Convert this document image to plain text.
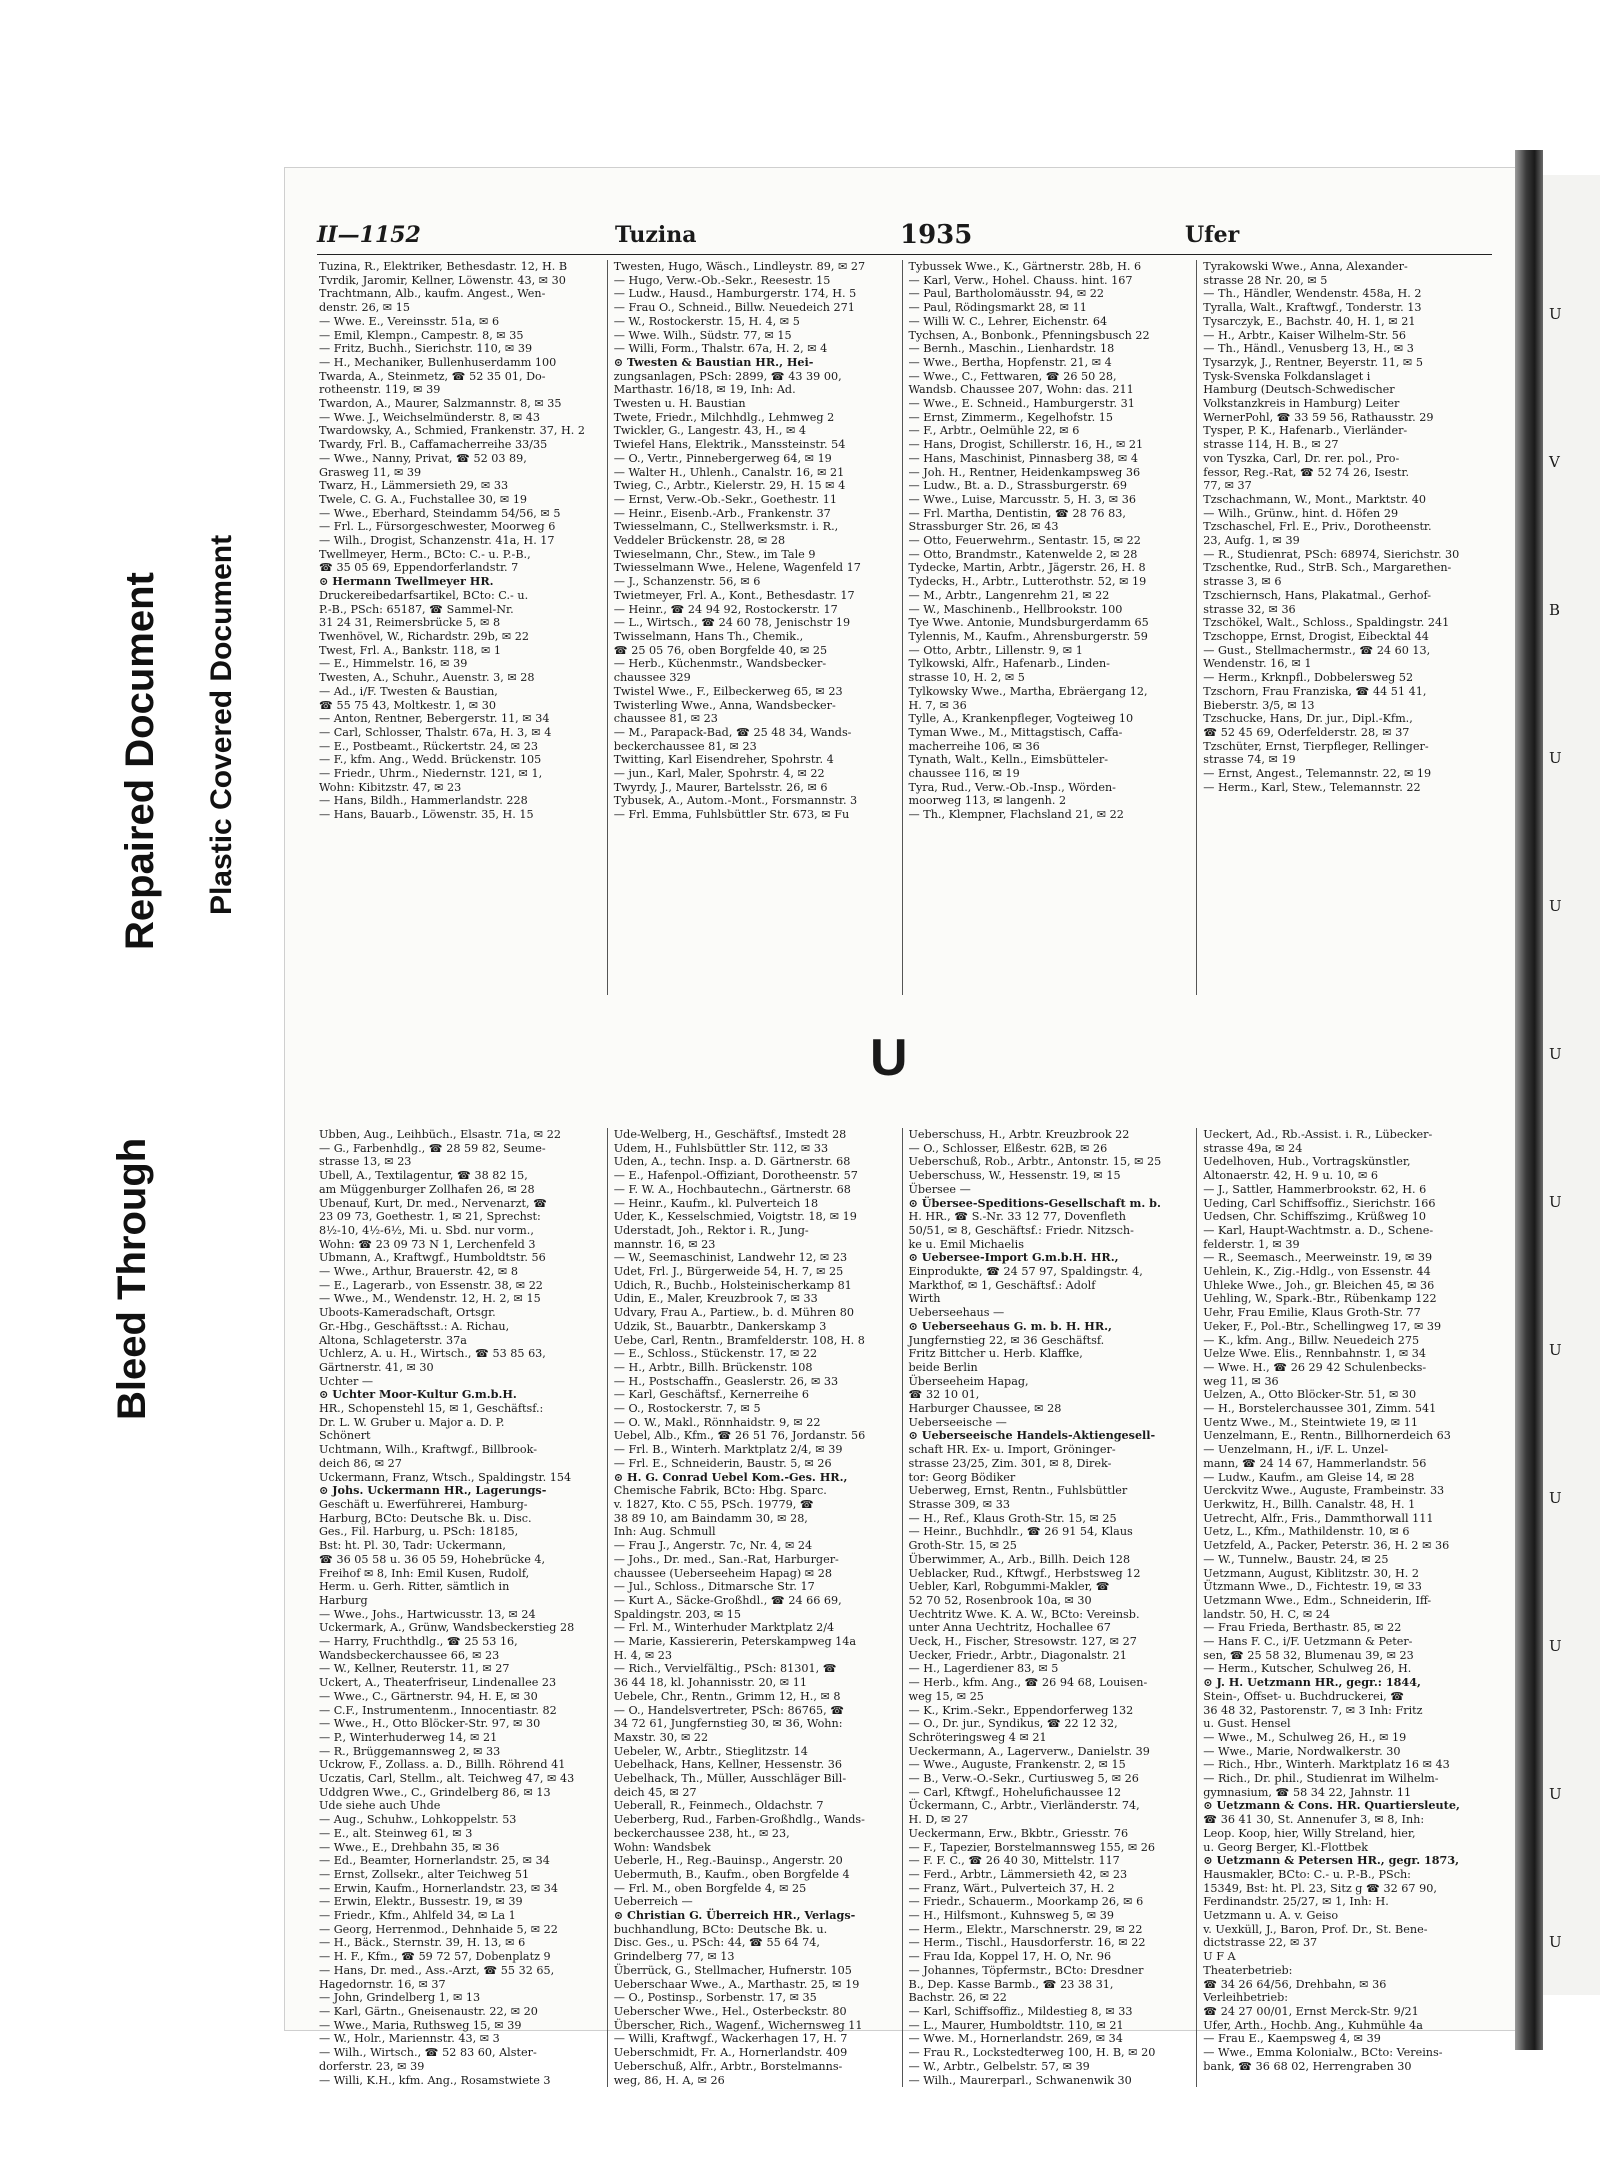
Bleed Through
Repaired Document Plastic Covered Document
II—1152	Tuzina	1935	Ufer
Tuzina, R., Elektriker, Bethesdastr. 12, H. B
Tvrdik, Jaromir, Kellner, Löwenstr. 43, ✉ 30
Trachtmann, Alb., kaufm. Angest., Wen-
denstr. 26, ✉ 15
— Wwe. E., Vereinsstr. 51a, ✉ 6
— Emil, Klempn., Campestr. 8, ✉ 35
— Fritz, Buchh., Sierichstr. 110, ✉ 39
— H., Mechaniker, Bullenhuserdamm 100
Twarda, A., Steinmetz, ☎ 52 35 01, Do-
rotheenstr. 119, ✉ 39
Twardon, A., Maurer, Salzmannstr. 8, ✉ 35
— Wwe. J., Weichselmünderstr. 8, ✉ 43
Twardowsky, A., Schmied, Frankenstr. 37, H. 2
Twardy, Frl. B., Caffamacherreihe 33/35
— Wwe., Nanny, Privat, ☎ 52 03 89,
Grasweg 11, ✉ 39
Twarz, H., Lämmersieth 29, ✉ 33
Twele, C. G. A., Fuchstallee 30, ✉ 19
— Wwe., Eberhard, Steindamm 54/56, ✉ 5
— Frl. L., Fürsorgeschwester, Moorweg 6
— Wilh., Drogist, Schanzenstr. 41a, H. 17
Twellmeyer, Herm., BCto: C.- u. P.-B.,
☎ 35 05 69, Eppendorferlandstr. 7
⊙ Hermann Twellmeyer HR.
Druckereibedarfsartikel, BCto: C.- u.
P.-B., PSch: 65187, ☎ Sammel-Nr.
31 24 31, Reimersbrücke 5, ✉ 8
Twenhövel, W., Richardstr. 29b, ✉ 22
Twest, Frl. A., Bankstr. 118, ✉ 1
— E., Himmelstr. 16, ✉ 39
Twesten, A., Schuhr., Auenstr. 3, ✉ 28
— Ad., i/F. Twesten & Baustian,
☎ 55 75 43, Moltkestr. 1, ✉ 30
— Anton, Rentner, Bebergerstr. 11, ✉ 34
— Carl, Schlosser, Thalstr. 67a, H. 3, ✉ 4
— E., Postbeamt., Rückertstr. 24, ✉ 23
— F., kfm. Ang., Wedd. Brückenstr. 105
— Friedr., Uhrm., Niedernstr. 121, ✉ 1,
Wohn: Kibitzstr. 47, ✉ 23
— Hans, Bildh., Hammerlandstr. 228
— Hans, Bauarb., Löwenstr. 35, H. 15
Twesten, Hugo, Wäsch., Lindleystr. 89, ✉ 27
— Hugo, Verw.-Ob.-Sekr., Reesestr. 15
— Ludw., Hausd., Hamburgerstr. 174, H. 5
— Frau O., Schneid., Billw. Neuedeich 271
— W., Rostockerstr. 15, H. 4, ✉ 5
— Wwe. Wilh., Südstr. 77, ✉ 15
— Willi, Form., Thalstr. 67a, H. 2, ✉ 4
⊙ Twesten & Baustian HR., Hei-
zungsanlagen, PSch: 2899, ☎ 43 39 00,
Marthastr. 16/18, ✉ 19, Inh: Ad.
Twesten u. H. Baustian
Twete, Friedr., Milchhdlg., Lehmweg 2
Twickler, G., Langestr. 43, H., ✉ 4
Twiefel Hans, Elektrik., Manssteinstr. 54
— O., Vertr., Pinnebergerweg 64, ✉ 19
— Walter H., Uhlenh., Canalstr. 16, ✉ 21
Twieg, C., Arbtr., Kielerstr. 29, H. 15 ✉ 4
— Ernst, Verw.-Ob.-Sekr., Goethestr. 11
— Heinr., Eisenb.-Arb., Frankenstr. 37
Twiesselmann, C., Stellwerksmstr. i. R.,
Veddeler Brückenstr. 28, ✉ 28
Twieselmann, Chr., Stew., im Tale 9
Twiesselmann Wwe., Helene, Wagenfeld 17
— J., Schanzenstr. 56, ✉ 6
Twietmeyer, Frl. A., Kont., Bethesdastr. 17
— Heinr., ☎ 24 94 92, Rostockerstr. 17
— L., Wirtsch., ☎ 24 60 78, Jenischstr 19
Twisselmann, Hans Th., Chemik.,
☎ 25 05 76, oben Borgfelde 40, ✉ 25
— Herb., Küchenmstr., Wandsbecker-
chaussee 329
Twistel Wwe., F., Eilbeckerweg 65, ✉ 23
Twisterling Wwe., Anna, Wandsbecker-
chaussee 81, ✉ 23
— M., Parapack-Bad, ☎ 25 48 34, Wands-
beckerchaussee 81, ✉ 23
Twitting, Karl Eisendreher, Spohrstr. 4
— jun., Karl, Maler, Spohrstr. 4, ✉ 22
Twyrdy, J., Maurer, Bartelsstr. 26, ✉ 6
Tybusek, A., Autom.-Mont., Forsmannstr. 3
— Frl. Emma, Fuhlsbüttler Str. 673, ✉ Fu
Tybussek Wwe., K., Gärtnerstr. 28b, H. 6
— Karl, Verw., Hohel. Chauss. hint. 167
— Paul, Bartholomäusstr. 94, ✉ 22
— Paul, Rödingsmarkt 28, ✉ 11
— Willi W. C., Lehrer, Eichenstr. 64
Tychsen, A., Bonbonk., Pfenningsbusch 22
— Bernh., Maschin., Lienhardstr. 18
— Wwe., Bertha, Hopfenstr. 21, ✉ 4
— Wwe., C., Fettwaren, ☎ 26 50 28,
Wandsb. Chaussee 207, Wohn: das. 211
— Wwe., E. Schneid., Hamburgerstr. 31
— Ernst, Zimmerm., Kegelhofstr. 15
— F., Arbtr., Oelmühle 22, ✉ 6
— Hans, Drogist, Schillerstr. 16, H., ✉ 21
— Hans, Maschinist, Pinnasberg 38, ✉ 4
— Joh. H., Rentner, Heidenkampsweg 36
— Ludw., Bt. a. D., Strassburgerstr. 69
— Wwe., Luise, Marcusstr. 5, H. 3, ✉ 36
— Frl. Martha, Dentistin, ☎ 28 76 83,
Strassburger Str. 26, ✉ 43
— Otto, Feuerwehrm., Sentastr. 15, ✉ 22
— Otto, Brandmstr., Katenwelde 2, ✉ 28
Tydecke, Martin, Arbtr., Jägerstr. 26, H. 8
Tydecks, H., Arbtr., Lutterothstr. 52, ✉ 19
— M., Arbtr., Langenrehm 21, ✉ 22
— W., Maschinenb., Hellbrookstr. 100
Tye Wwe. Antonie, Mundsburgerdamm 65
Tylennis, M., Kaufm., Ahrensburgerstr. 59
— Otto, Arbtr., Lillenstr. 9, ✉ 1
Tylkowski, Alfr., Hafenarb., Linden-
strasse 10, H. 2, ✉ 5
Tylkowsky Wwe., Martha, Ebräergang 12,
H. 7, ✉ 36
Tylle, A., Krankenpfleger, Vogteiweg 10
Tyman Wwe., M., Mittagstisch, Caffa-
macherreihe 106, ✉ 36
Tynath, Walt., Kelln., Eimsbütteler-
chaussee 116, ✉ 19
Tyra, Rud., Verw.-Ob.-Insp., Wörden-
moorweg 113, ✉ langenh. 2
— Th., Klempner, Flachsland 21, ✉ 22
Tyrakowski Wwe., Anna, Alexander-
strasse 28 Nr. 20, ✉ 5
— Th., Händler, Wendenstr. 458a, H. 2
Tyralla, Walt., Kraftwgf., Tonderstr. 13
Tysarczyk, E., Bachstr. 40, H. 1, ✉ 21
— H., Arbtr., Kaiser Wilhelm-Str. 56
— Th., Händl., Venusberg 13, H., ✉ 3
Tysarzyk, J., Rentner, Beyerstr. 11, ✉ 5
Tysk-Svenska Folkdanslaget i
Hamburg (Deutsch-Schwedischer
Volkstanzkreis in Hamburg) Leiter
WernerPohl, ☎ 33 59 56, Rathausstr. 29
Tysper, P. K., Hafenarb., Vierländer-
strasse 114, H. B., ✉ 27
von Tyszka, Carl, Dr. rer. pol., Pro-
fessor, Reg.-Rat, ☎ 52 74 26, Isestr.
77, ✉ 37
Tzschachmann, W., Mont., Marktstr. 40
— Wilh., Grünw., hint. d. Höfen 29
Tzschaschel, Frl. E., Priv., Dorotheenstr.
23, Aufg. 1, ✉ 39
— R., Studienrat, PSch: 68974, Sierichstr. 30
Tzschentke, Rud., StrB. Sch., Margarethen-
strasse 3, ✉ 6
Tzschiernsch, Hans, Plakatmal., Gerhof-
strasse 32, ✉ 36
Tzschökel, Walt., Schloss., Spaldingstr. 241
Tzschoppe, Ernst, Drogist, Eibecktal 44
— Gust., Stellmachermstr., ☎ 24 60 13,
Wendenstr. 16, ✉ 1
— Herm., Krknpfl., Dobbelersweg 52
Tzschorn, Frau Franziska, ☎ 44 51 41,
Bieberstr. 3/5, ✉ 13
Tzschucke, Hans, Dr. jur., Dipl.-Kfm.,
☎ 52 45 69, Oderfelderstr. 28, ✉ 37
Tzschüter, Ernst, Tierpfleger, Rellinger-
strasse 74, ✉ 19
— Ernst, Angest., Telemannstr. 22, ✉ 19
— Herm., Karl, Stew., Telemannstr. 22
U
Ubben, Aug., Leihbüch., Elsastr. 71a, ✉ 22
— G., Farbenhdlg., ☎ 28 59 82, Seume-
strasse 13, ✉ 23
Ubell, A., Textilagentur, ☎ 38 82 15,
am Müggenburger Zollhafen 26, ✉ 28
Ubenauf, Kurt, Dr. med., Nervenarzt, ☎
23 09 73, Goethestr. 1, ✉ 21, Sprechst:
8½-10, 4½-6½, Mi. u. Sbd. nur vorm.,
Wohn: ☎ 23 09 73 N 1, Lerchenfeld 3
Ubmann, A., Kraftwgf., Humboldtstr. 56
— Wwe., Arthur, Brauerstr. 42, ✉ 8
— E., Lagerarb., von Essenstr. 38, ✉ 22
— Wwe., M., Wendenstr. 12, H. 2, ✉ 15
Uboots-Kameradschaft, Ortsgr.
Gr.-Hbg., Geschäftsst.: A. Richau,
Altona, Schlageterstr. 37a
Uchlerz, A. u. H., Wirtsch., ☎ 53 85 63,
Gärtnerstr. 41, ✉ 30
Uchter —
⊙ Uchter Moor-Kultur G.m.b.H.
HR., Schopenstehl 15, ✉ 1, Geschäftsf.:
Dr. L. W. Gruber u. Major a. D. P.
Schönert
Uchtmann, Wilh., Kraftwgf., Billbrook-
deich 86, ✉ 27
Uckermann, Franz, Wtsch., Spaldingstr. 154
⊙ Johs. Uckermann HR., Lagerungs-
Geschäft u. Ewerführerei, Hamburg-
Harburg, BCto: Deutsche Bk. u. Disc.
Ges., Fil. Harburg, u. PSch: 18185,
Bst: ht. Pl. 30, Tadr: Uckermann,
☎ 36 05 58 u. 36 05 59, Hohebrücke 4,
Freihof ✉ 8, Inh: Emil Kusen, Rudolf,
Herm. u. Gerh. Ritter, sämtlich in
Harburg
— Wwe., Johs., Hartwicusstr. 13, ✉ 24
Uckermark, A., Grünw, Wandsbeckerstieg 28
— Harry, Fruchthdlg., ☎ 25 53 16,
Wandsbeckerchaussee 66, ✉ 23
— W., Kellner, Reuterstr. 11, ✉ 27
Uckert, A., Theaterfriseur, Lindenallee 23
— Wwe., C., Gärtnerstr. 94, H. E, ✉ 30
— C.F., Instrumentenm., Innocentiastr. 82
— Wwe., H., Otto Blöcker-Str. 97, ✉ 30
— P., Winterhuderweg 14, ✉ 21
— R., Brüggemannsweg 2, ✉ 33
Uckrow, F., Zollass. a. D., Billh. Röhrend 41
Uczatis, Carl, Stellm., alt. Teichweg 47, ✉ 43
Uddgren Wwe., C., Grindelberg 86, ✉ 13
Ude siehe auch Uhde
— Aug., Schuhw., Lohkoppelstr. 53
— E., alt. Steinweg 61, ✉ 3
— Wwe., E., Drehbahn 35, ✉ 36
— Ed., Beamter, Hornerlandstr. 25, ✉ 34
— Ernst, Zollsekr., alter Teichweg 51
— Erwin, Kaufm., Hornerlandstr. 23, ✉ 34
— Erwin, Elektr., Bussestr. 19, ✉ 39
— Friedr., Kfm., Ahlfeld 34, ✉ La 1
— Georg, Herrenmod., Dehnhaide 5, ✉ 22
— H., Bäck., Sternstr. 39, H. 13, ✉ 6
— H. F., Kfm., ☎ 59 72 57, Dobenplatz 9
— Hans, Dr. med., Ass.-Arzt, ☎ 55 32 65,
Hagedornstr. 16, ✉ 37
— John, Grindelberg 1, ✉ 13
— Karl, Gärtn., Gneisenaustr. 22, ✉ 20
— Wwe., Maria, Ruthsweg 15, ✉ 39
— W., Holr., Mariennstr. 43, ✉ 3
— Wilh., Wirtsch., ☎ 52 83 60, Alster-
dorferstr. 23, ✉ 39
— Willi, K.H., kfm. Ang., Rosamstwiete 3
Ude-Welberg, H., Geschäftsf., Imstedt 28
Udem, H., Fuhlsbüttler Str. 112, ✉ 33
Uden, A., techn. Insp. a. D. Gärtnerstr. 68
— E., Hafenpol.-Offiziant, Dorotheenstr. 57
— F. W. A., Hochbautechn., Gärtnerstr. 68
— Heinr., Kaufm., kl. Pulverteich 18
Uder, K., Kesselschmied, Voigtstr. 18, ✉ 19
Uderstadt, Joh., Rektor i. R., Jung-
mannstr. 16, ✉ 23
— W., Seemaschinist, Landwehr 12, ✉ 23
Udet, Frl. J., Bürgerweide 54, H. 7, ✉ 25
Udich, R., Buchb., Holsteinischerkamp 81
Udin, E., Maler, Kreuzbrook 7, ✉ 33
Udvary, Frau A., Partiew., b. d. Mühren 80
Udzik, St., Bauarbtr., Dankerskamp 3
Uebe, Carl, Rentn., Bramfelderstr. 108, H. 8
— E., Schloss., Stückenstr. 17, ✉ 22
— H., Arbtr., Billh. Brückenstr. 108
— H., Postschaffn., Geaslerstr. 26, ✉ 33
— Karl, Geschäftsf., Kernerreihe 6
— O., Rostockerstr. 7, ✉ 5
— O. W., Makl., Rönnhaidstr. 9, ✉ 22
Uebel, Alb., Kfm., ☎ 26 51 76, Jordanstr. 56
— Frl. B., Winterh. Marktplatz 2/4, ✉ 39
— Frl. E., Schneiderin, Baustr. 5, ✉ 26
⊙ H. G. Conrad Uebel Kom.-Ges. HR.,
Chemische Fabrik, BCto: Hbg. Sparc.
v. 1827, Kto. C 55, PSch. 19779, ☎
38 89 10, am Baindamm 30, ✉ 28,
Inh: Aug. Schmull
— Frau J., Angerstr. 7c, Nr. 4, ✉ 24
— Johs., Dr. med., San.-Rat, Harburger-
chaussee (Ueberseeheim Hapag) ✉ 28
— Jul., Schloss., Ditmarsche Str. 17
— Kurt A., Säcke-Großhdl., ☎ 24 66 69,
Spaldingstr. 203, ✉ 15
— Frl. M., Winterhuder Marktplatz 2/4
— Marie, Kassiererin, Peterskampweg 14a
H. 4, ✉ 23
— Rich., Vervielfältig., PSch: 81301, ☎
36 44 18, kl. Johannisstr. 20, ✉ 11
Uebele, Chr., Rentn., Grimm 12, H., ✉ 8
— O., Handelsvertreter, PSch: 86765, ☎
34 72 61, Jungfernstieg 30, ✉ 36, Wohn:
Maxstr. 30, ✉ 22
Uebeler, W., Arbtr., Stieglitzstr. 14
Uebelhack, Hans, Kellner, Hessenstr. 36
Uebelhack, Th., Müller, Ausschläger Bill-
deich 45, ✉ 27
Ueberall, R., Feinmech., Oldachstr. 7
Ueberberg, Rud., Farben-Großhdlg., Wands-
beckerchaussee 238, ht., ✉ 23,
Wohn: Wandsbek
Ueberle, H., Reg.-Bauinsp., Angerstr. 20
Uebermuth, B., Kaufm., oben Borgfelde 4
— Frl. M., oben Borgfelde 4, ✉ 25
Ueberreich —
⊙ Christian G. Überreich HR., Verlags-
buchhandlung, BCto: Deutsche Bk. u.
Disc. Ges., u. PSch: 44, ☎ 55 64 74,
Grindelberg 77, ✉ 13
Überrück, G., Stellmacher, Hufnerstr. 105
Ueberschaar Wwe., A., Marthastr. 25, ✉ 19
— O., Postinsp., Sorbenstr. 17, ✉ 35
Ueberscher Wwe., Hel., Osterbeckstr. 80
Überscher, Rich., Wagenf., Wichernsweg 11
— Willi, Kraftwgf., Wackerhagen 17, H. 7
Ueberschmidt, Fr. A., Hornerlandstr. 409
Ueberschuß, Alfr., Arbtr., Borstelmanns-
weg, 86, H. A, ✉ 26
Ueberschuss, H., Arbtr. Kreuzbrook 22
— O., Schlosser, Elßestr. 62B, ✉ 26
Ueberschuß, Rob., Arbtr., Antonstr. 15, ✉ 25
Ueberschuss, W., Hessenstr. 19, ✉ 15
Übersee —
⊙ Übersee-Speditions-Gesellschaft m. b.
H. HR., ☎ S.-Nr. 33 12 77, Dovenfleth
50/51, ✉ 8, Geschäftsf.: Friedr. Nitzsch-
ke u. Emil Michaelis
⊙ Uebersee-Import G.m.b.H. HR.,
Einprodukte, ☎ 24 57 97, Spaldingstr. 4,
Markthof, ✉ 1, Geschäftsf.: Adolf
Wirth
Ueberseehaus —
⊙ Ueberseehaus G. m. b. H. HR.,
Jungfernstieg 22, ✉ 36 Geschäftsf.
Fritz Bittcher u. Herb. Klaffke,
beide Berlin
Überseeheim Hapag,
☎ 32 10 01,
Harburger Chaussee, ✉ 28
Ueberseeische —
⊙ Ueberseeische Handels-Aktiengesell-
schaft HR. Ex- u. Import, Gröninger-
strasse 23/25, Zim. 301, ✉ 8, Direk-
tor: Georg Bödiker
Ueberweg, Ernst, Rentn., Fuhlsbüttler
Strasse 309, ✉ 33
— H., Ref., Klaus Groth-Str. 15, ✉ 25
— Heinr., Buchhdlr., ☎ 26 91 54, Klaus
Groth-Str. 15, ✉ 25
Überwimmer, A., Arb., Billh. Deich 128
Ueblacker, Rud., Kftwgf., Herbstsweg 12
Uebler, Karl, Robgummi-Makler, ☎
52 70 52, Rosenbrook 10a, ✉ 30
Uechtritz Wwe. K. A. W., BCto: Vereinsb.
unter Anna Uechtritz, Hochallee 67
Ueck, H., Fischer, Stresowstr. 127, ✉ 27
Uecker, Friedr., Arbtr., Diagonalstr. 21
— H., Lagerdiener 83, ✉ 5
— Herb., kfm. Ang., ☎ 26 94 68, Louisen-
weg 15, ✉ 25
— K., Krim.-Sekr., Eppendorferweg 132
— O., Dr. jur., Syndikus, ☎ 22 12 32,
Schröteringsweg 4 ✉ 21
Ueckermann, A., Lagerverw., Danielstr. 39
— Wwe., Auguste, Frankenstr. 2, ✉ 15
— B., Verw.-O.-Sekr., Curtiusweg 5, ✉ 26
— Carl, Kftwgf., Hohelufichaussee 12
Ückermann, C., Arbtr., Vierländerstr. 74,
H. D, ✉ 27
Ueckermann, Erw., Bkbtr., Griesstr. 76
— F., Tapezier, Borstelmannsweg 155, ✉ 26
— F. F. C., ☎ 26 40 30, Mittelstr. 117
— Ferd., Arbtr., Lämmersieth 42, ✉ 23
— Franz, Wärt., Pulverteich 37, H. 2
— Friedr., Schauerm., Moorkamp 26, ✉ 6
— H., Hilfsmont., Kuhnsweg 5, ✉ 39
— Herm., Elektr., Marschnerstr. 29, ✉ 22
— Herm., Tischl., Hausdorferstr. 16, ✉ 22
— Frau Ida, Koppel 17, H. O, Nr. 96
— Johannes, Töpfermstr., BCto: Dresdner
B., Dep. Kasse Barmb., ☎ 23 38 31,
Bachstr. 26, ✉ 22
— Karl, Schiffsoffiz., Mildestieg 8, ✉ 33
— L., Maurer, Humboldtstr. 110, ✉ 21
— Wwe. M., Hornerlandstr. 269, ✉ 34
— Frau R., Lockstedterweg 100, H. B, ✉ 20
— W., Arbtr., Gelbelstr. 57, ✉ 39
— Wilh., Maurerparl., Schwanenwik 30
Ueckert, Ad., Rb.-Assist. i. R., Lübecker-
strasse 49a, ✉ 24
Uedelhoven, Hub., Vortragskünstler,
Altonaerstr. 42, H. 9 u. 10, ✉ 6
— J., Sattler, Hammerbrookstr. 62, H. 6
Ueding, Carl Schiffsoffiz., Sierichstr. 166
Uedsen, Chr. Schiffszimg., Krüßweg 10
— Karl, Haupt-Wachtmstr. a. D., Schene-
felderstr. 1, ✉ 39
— R., Seemasch., Meerweinstr. 19, ✉ 39
Uehlein, K., Zig.-Hdlg., von Essenstr. 44
Uhleke Wwe., Joh., gr. Bleichen 45, ✉ 36
Uehling, W., Spark.-Btr., Rübenkamp 122
Uehr, Frau Emilie, Klaus Groth-Str. 77
Ueker, F., Pol.-Btr., Schellingweg 17, ✉ 39
— K., kfm. Ang., Billw. Neuedeich 275
Uelze Wwe. Elis., Rennbahnstr. 1, ✉ 34
— Wwe. H., ☎ 26 29 42 Schulenbecks-
weg 11, ✉ 36
Uelzen, A., Otto Blöcker-Str. 51, ✉ 30
— H., Borstelerchaussee 301, Zimm. 541
Uentz Wwe., M., Steintwiete 19, ✉ 11
Uenzelmann, E., Rentn., Billhornerdeich 63
— Uenzelmann, H., i/F. L. Unzel-
mann, ☎ 24 14 67, Hammerlandstr. 56
— Ludw., Kaufm., am Gleise 14, ✉ 28
Uerckvitz Wwe., Auguste, Frambeinstr. 33
Uerkwitz, H., Billh. Canalstr. 48, H. 1
Uetrecht, Alfr., Fris., Dammthorwall 111
Uetz, L., Kfm., Mathildenstr. 10, ✉ 6
Uetzfeld, A., Packer, Peterstr. 36, H. 2 ✉ 36
— W., Tunnelw., Baustr. 24, ✉ 25
Uetzmann, August, Kiblitzstr. 30, H. 2
Ützmann Wwe., D., Fichtestr. 19, ✉ 33
Uetzmann Wwe., Edm., Schneiderin, Iff-
landstr. 50, H. C, ✉ 24
— Frau Frieda, Berthastr. 85, ✉ 22
— Hans F. C., i/F. Uetzmann & Peter-
sen, ☎ 25 58 32, Blumenau 39, ✉ 23
— Herm., Kutscher, Schulweg 26, H.
⊙ J. H. Uetzmann HR., gegr.: 1844,
Stein-, Offset- u. Buchdruckerei, ☎
36 48 32, Pastorenstr. 7, ✉ 3 Inh: Fritz
u. Gust. Hensel
— Wwe., M., Schulweg 26, H., ✉ 19
— Wwe., Marie, Nordwalkerstr. 30
— Rich., Hbr., Winterh. Marktplatz 16 ✉ 43
— Rich., Dr. phil., Studienrat im Wilhelm-
gymnasium, ☎ 58 34 22, Jahnstr. 11
⊙ Uetzmann & Cons. HR. Quartiersleute,
☎ 36 41 30, St. Annenufer 3, ✉ 8, Inh:
Leop. Koop, hier, Willy Streland, hier,
u. Georg Berger, Kl.-Flottbek
⊙ Uetzmann & Petersen HR., gegr. 1873,
Hausmakler, BCto: C.- u. P.-B., PSch:
15349, Bst: ht. Pl. 23, Sitz g ☎ 32 67 90,
Ferdinandstr. 25/27, ✉ 1, Inh: H.
Uetzmann u. A. v. Geiso
v. Uexküll, J., Baron, Prof. Dr., St. Bene-
dictstrasse 22, ✉ 37
U F A
Theaterbetrieb:
☎ 34 26 64/56, Drehbahn, ✉ 36
Verleihbetrieb:
☎ 24 27 00/01, Ernst Merck-Str. 9/21
Ufer, Arth., Hochb. Ang., Kuhmühle 4a
— Frau E., Kaempsweg 4, ✉ 39
— Wwe., Emma Kolonialw., BCto: Vereins-
bank, ☎ 36 68 02, Herrengraben 30
U
V
B
U
U
U
U
U
U
U
U
U
